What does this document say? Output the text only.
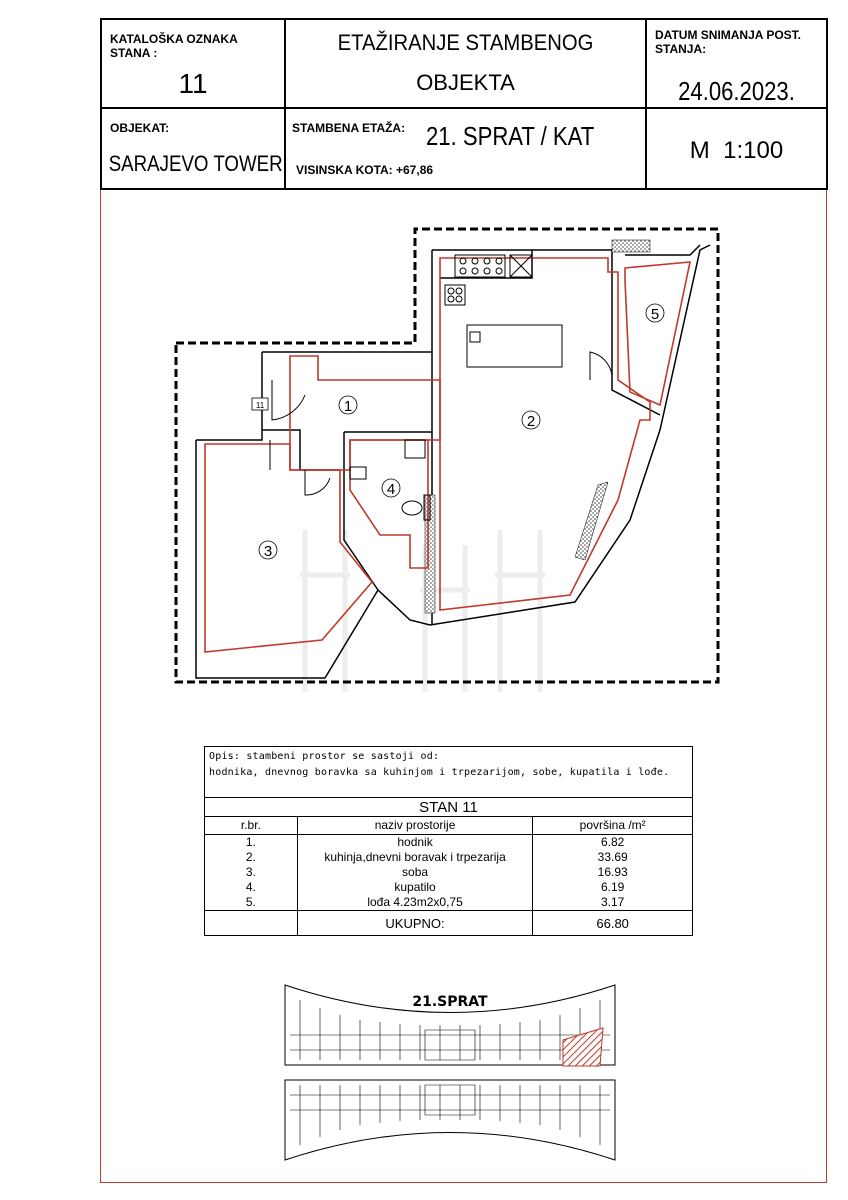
KATALOŠKA OZNAKA
STANA :
11
ETAŽIRANJE STAMBENOG
OBJEKTA
DATUM SNIMANJA POST.
STANJA:
24.06.2023.
OBJEKAT:
SARAJEVO TOWER
STAMBENA ETAŽA: 21. SPRAT / KAT
VISINSKA KOTA: +67,86
M  1:100
11	1
2
3
4
5
Opis: stambeni prostor se sastoji od:
hodnika, dnevnog boravka sa kuhinjom i trpezarijom, sobe, kupatila i lođe.
STAN 11
r.br.	naziv prostorije	površina /m²
1.	hodnik	6.82
2.	kuhinja,dnevni boravak i trpezarija	33.69
3.	soba	16.93
4.	kupatilo	6.19
5.	lođa 4.23m2x0,75	3.17
	UKUPNO:	66.80
21.SPRAT
